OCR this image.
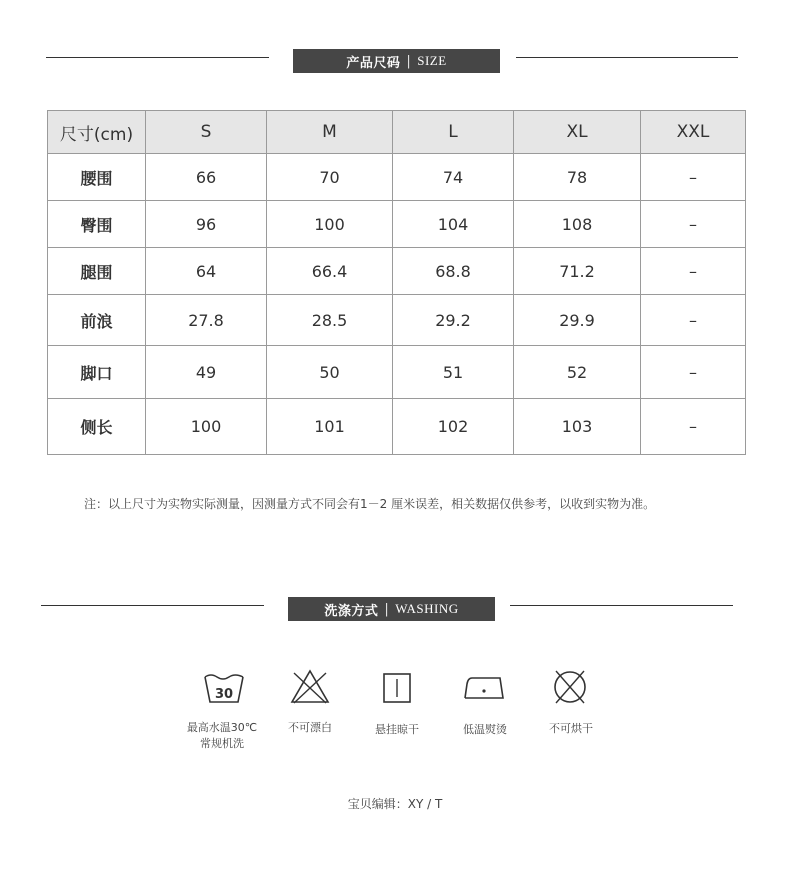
产品尺码 | SIZE
尺寸(cm)	S	M	L	XL	XXL
腰围	66	70	74	78	–
臀围	96	100	104	108	–
腿围	64	66.4	68.8	71.2	–
前浪	27.8	28.5	29.2	29.9	–
脚口	49	50	51	52	–
侧长	100	101	102	103	–
注：以上尺寸为实物实际测量，因测量方式不同会有1－2 厘米误差，相关数据仅供参考，以收到实物为准。
洗涤方式 | WASHING
30
最高水温30℃
常规机洗
不可漂白	悬挂晾干	低温熨烫	不可烘干
宝贝编辑：XY / T
